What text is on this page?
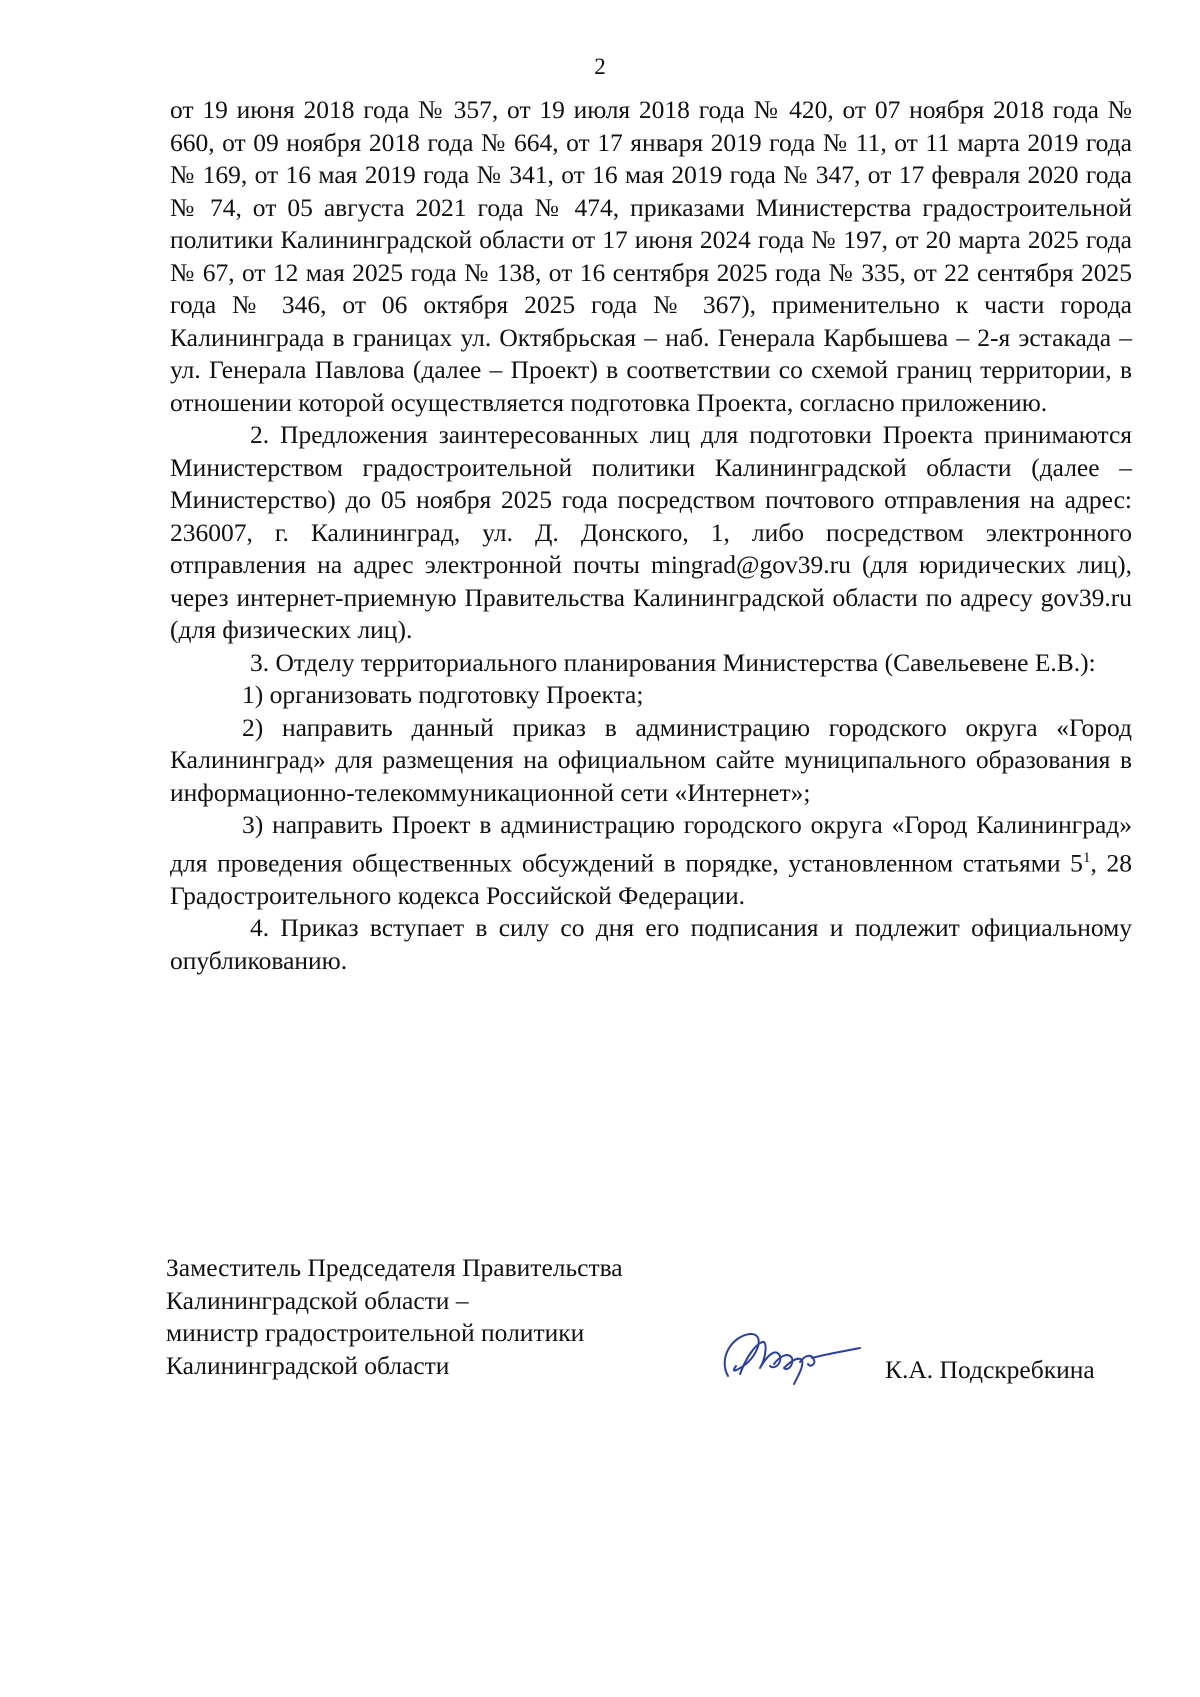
2

от 19 июня 2018 года № 357, от 19 июля 2018 года № 420, от 07 ноября 2018 года № 660, от 09 ноября 2018 года № 664, от 17 января 2019 года № 11, от 11 марта 2019 года № 169, от 16 мая 2019 года № 341, от 16 мая 2019 года № 347, от 17 февраля 2020 года № 74, от 05 августа 2021 года № 474, приказами Министерства градостроительной политики Калининградской области от 17 июня 2024 года № 197, от 20 марта 2025 года № 67, от 12 мая 2025 года № 138, от 16 сентября 2025 года № 335, от 22 сентября 2025 года № 346, от 06 октября 2025 года № 367), применительно к части города Калининграда в границах ул. Октябрьская – наб. Генерала Карбышева – 2-я эстакада – ул. Генерала Павлова (далее – Проект) в соответствии со схемой границ территории, в отношении которой осуществляется подготовка Проекта, согласно приложению.

2. Предложения заинтересованных лиц для подготовки Проекта принимаются Министерством градостроительной политики Калининградской области (далее – Министерство) до 05 ноября 2025 года посредством почтового отправления на адрес: 236007, г. Калининград, ул. Д. Донского, 1, либо посредством электронного отправления на адрес электронной почты mingrad@gov39.ru (для юридических лиц), через интернет-приемную Правительства Калининградской области по адресу gov39.ru (для физических лиц).

3. Отделу территориального планирования Министерства (Савельевене Е.В.):

1) организовать подготовку Проекта;

2) направить данный приказ в администрацию городского округа «Город Калининград» для размещения на официальном сайте муниципального образования в информационно-телекоммуникационной сети «Интернет»;

3) направить Проект в администрацию городского округа «Город Калининград» для проведения общественных обсуждений в порядке, установленном статьями $5^1$, 28 Градостроительного кодекса Российской Федерации.

4. Приказ вступает в силу со дня его подписания и подлежит официальному опубликованию.

Заместитель Председателя Правительства
Калининградской области –
министр градостроительной политики
Калининградской области	К.А. Подскребкина
